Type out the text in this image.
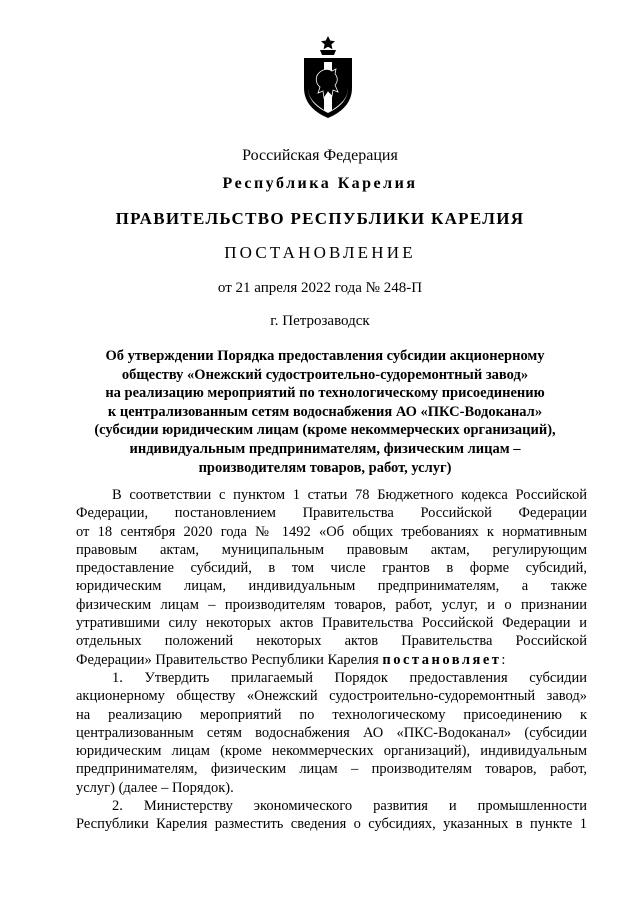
Российская Федерация
Республика Карелия
ПРАВИТЕЛЬСТВО РЕСПУБЛИКИ КАРЕЛИЯ
ПОСТАНОВЛЕНИЕ
от 21 апреля 2022 года № 248-П
г. Петрозаводск
Об утверждении Порядка предоставления субсидии акционерному
обществу «Онежский судостроительно-судоремонтный завод»
на реализацию мероприятий по технологическому присоединению
к централизованным сетям водоснабжения АО «ПКС-Водоканал»
(субсидии юридическим лицам (кроме некоммерческих организаций),
индивидуальным предпринимателям, физическим лицам –
производителям товаров, работ, услуг)
В соответствии с пунктом 1 статьи 78 Бюджетного кодекса Российской
Федерации, постановлением Правительства Российской Федерации
от 18 сентября 2020 года № 1492 «Об общих требованиях к нормативным
правовым актам, муниципальным правовым актам, регулирующим
предоставление субсидий, в том числе грантов в форме субсидий,
юридическим лицам, индивидуальным предпринимателям, а также
физическим лицам – производителям товаров, работ, услуг, и о признании
утратившими силу некоторых актов Правительства Российской Федерации и
отдельных положений некоторых актов Правительства Российской
Федерации» Правительство Республики Карелия постановляет:
1. Утвердить прилагаемый Порядок предоставления субсидии
акционерному обществу «Онежский судостроительно-судоремонтный завод»
на реализацию мероприятий по технологическому присоединению к
централизованным сетям водоснабжения АО «ПКС-Водоканал» (субсидии
юридическим лицам (кроме некоммерческих организаций), индивидуальным
предпринимателям, физическим лицам – производителям товаров, работ,
услуг) (далее – Порядок).
2. Министерству экономического развития и промышленности
Республики Карелия разместить сведения о субсидиях, указанных в пункте 1
